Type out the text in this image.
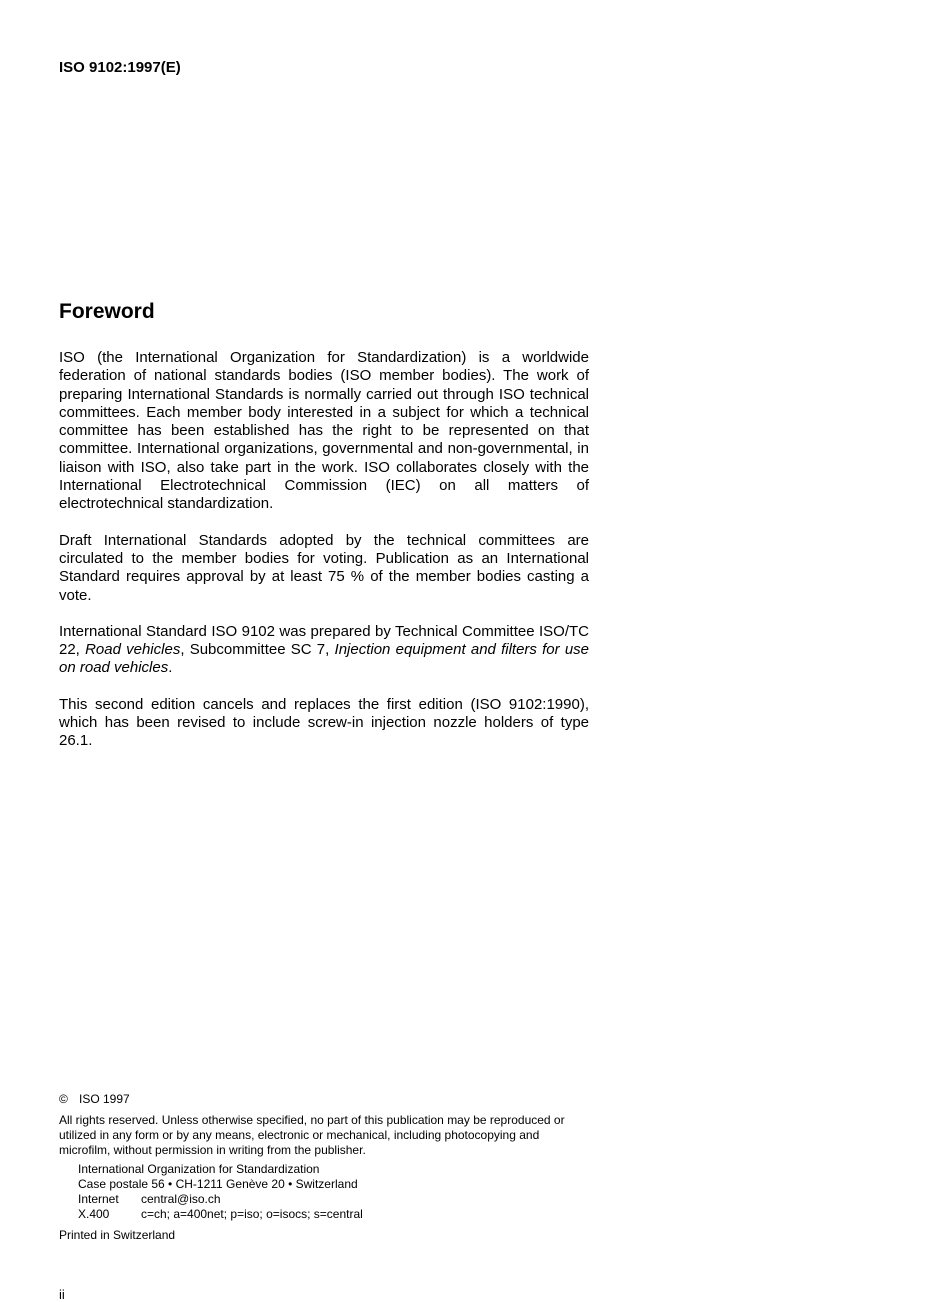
ISO 9102:1997(E)
Foreword

ISO (the International Organization for Standardization) is a worldwide federation of national standards bodies (ISO member bodies). The work of preparing International Standards is normally carried out through ISO technical committees. Each member body interested in a subject for which a technical committee has been established has the right to be represented on that committee. International organizations, governmental and non-governmental, in liaison with ISO, also take part in the work. ISO collaborates closely with the International Electrotechnical Commission (IEC) on all matters of electrotechnical standardization.

Draft International Standards adopted by the technical committees are circulated to the member bodies for voting. Publication as an International Standard requires approval by at least 75 % of the member bodies casting a vote.

International Standard ISO 9102 was prepared by Technical Committee ISO/TC 22, Road vehicles, Subcommittee SC 7, Injection equipment and filters for use on road vehicles.

This second edition cancels and replaces the first edition (ISO 9102:1990), which has been revised to include screw-in injection nozzle holders of type 26.1.

© ISO 1997
All rights reserved. Unless otherwise specified, no part of this publication may be reproduced or utilized in any form or by any means, electronic or mechanical, including photocopying and microfilm, without permission in writing from the publisher.
International Organization for Standardization
Case postale 56 • CH-1211 Genève 20 • Switzerland
Internet central@iso.ch
X.400	c=ch; a=400net; p=iso; o=isocs; s=central
Printed in Switzerland
ii
